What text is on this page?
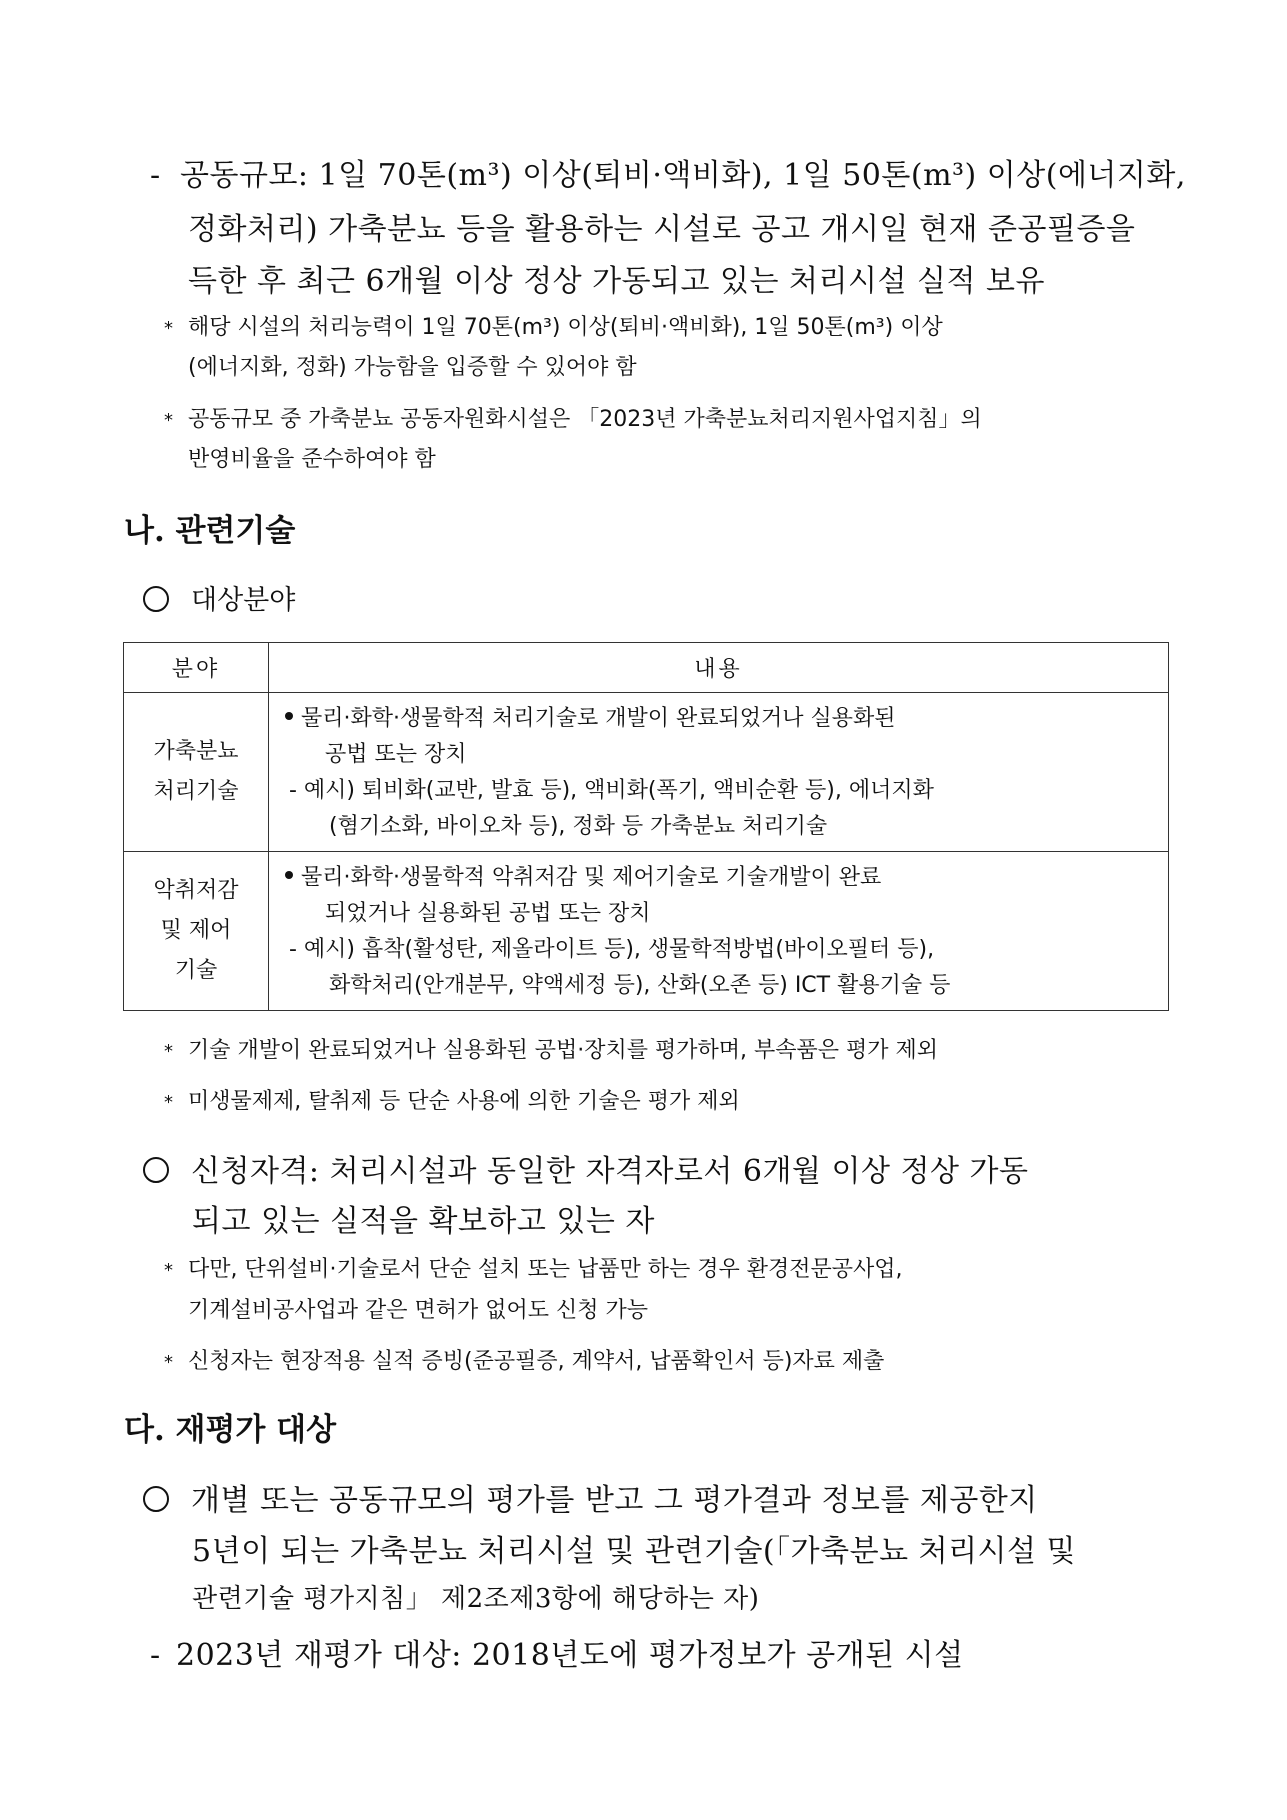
- 공동규모: 1일 70톤(m³) 이상(퇴비·액비화), 1일 50톤(m³) 이상(에너지화,
정화처리) 가축분뇨 등을 활용하는 시설로 공고 개시일 현재 준공필증을
득한 후 최근 6개월 이상 정상 가동되고 있는 처리시설 실적 보유
* 해당 시설의 처리능력이 1일 70톤(m³) 이상(퇴비·액비화), 1일 50톤(m³) 이상
(에너지화, 정화) 가능함을 입증할 수 있어야 함
* 공동규모 중 가축분뇨 공동자원화시설은 「2023년 가축분뇨처리지원사업지침」의
반영비율을 준수하여야 함
나. 관련기술
대상분야
분야	내용

가축분뇨
처리기술	물리·화학·생물학적 처리기술로 개발이 완료되었거나 실용화된
공법 또는 장치
- 예시) 퇴비화(교반, 발효 등), 액비화(폭기, 액비순환 등), 에너지화
(혐기소화, 바이오차 등), 정화 등 가축분뇨 처리기술

악취저감
및 제어
기술	물리·화학·생물학적 악취저감 및 제어기술로 기술개발이 완료
되었거나 실용화된 공법 또는 장치
- 예시) 흡착(활성탄, 제올라이트 등), 생물학적방법(바이오필터 등),
화학처리(안개분무, 약액세정 등), 산화(오존 등) ICT 활용기술 등
* 기술 개발이 완료되었거나 실용화된 공법·장치를 평가하며, 부속품은 평가 제외
* 미생물제제, 탈취제 등 단순 사용에 의한 기술은 평가 제외
신청자격: 처리시설과 동일한 자격자로서 6개월 이상 정상 가동
되고 있는 실적을 확보하고 있는 자
* 다만, 단위설비·기술로서 단순 설치 또는 납품만 하는 경우 환경전문공사업,
기계설비공사업과 같은 면허가 없어도 신청 가능
* 신청자는 현장적용 실적 증빙(준공필증, 계약서, 납품확인서 등)자료 제출
다. 재평가 대상
개별 또는 공동규모의 평가를 받고 그 평가결과 정보를 제공한지
5년이 되는 가축분뇨 처리시설 및 관련기술(「가축분뇨 처리시설 및
관련기술 평가지침」 제2조제3항에 해당하는 자)
- 2023년 재평가 대상: 2018년도에 평가정보가 공개된 시설
